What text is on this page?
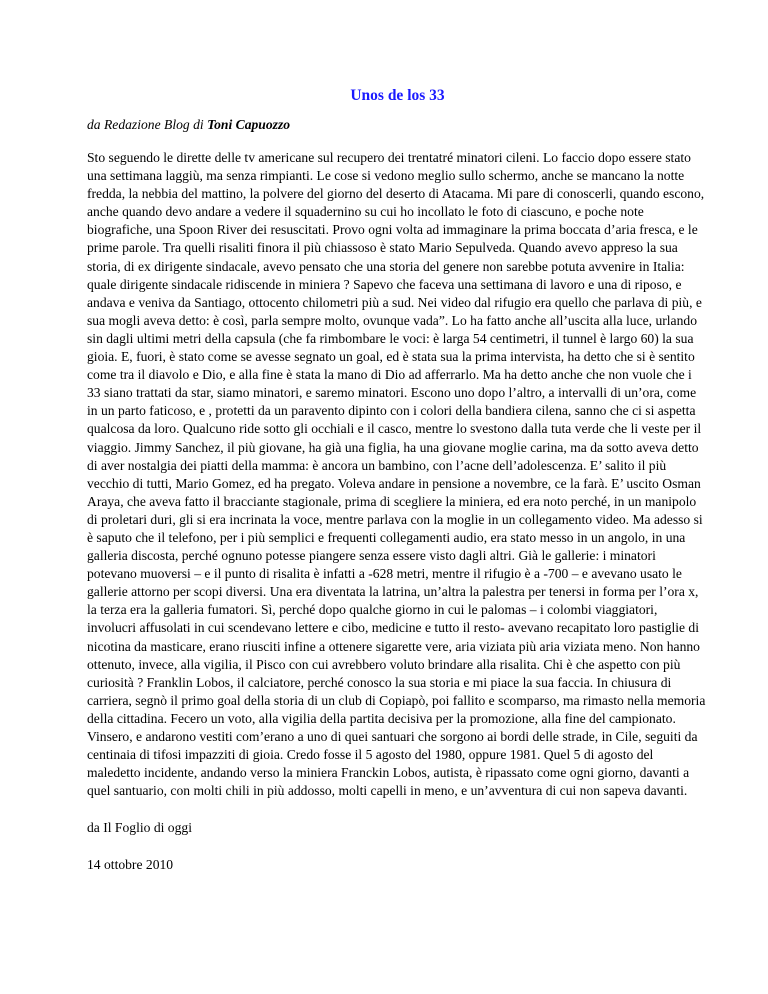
Unos de los 33
da Redazione Blog di Toni Capuozzo

Sto seguendo le dirette delle tv americane sul recupero dei trentatré minatori cileni. Lo faccio dopo essere stato una settimana laggiù, ma senza rimpianti. Le cose si vedono meglio sullo schermo, anche se mancano la notte fredda, la nebbia del mattino, la polvere del giorno del deserto di Atacama. Mi pare di conoscerli, quando escono, anche quando devo andare a vedere il squadernino su cui ho incollato le foto di ciascuno, e poche note biografiche, una Spoon River dei resuscitati. Provo ogni volta ad immaginare la prima boccata d’aria fresca, e le prime parole. Tra quelli risaliti finora il più chiassoso è stato Mario Sepulveda. Quando avevo appreso la sua storia, di ex dirigente sindacale, avevo pensato che una storia del genere non sarebbe potuta avvenire in Italia: quale dirigente sindacale ridiscende in miniera ? Sapevo che faceva una settimana di lavoro e una di riposo, e andava e veniva da Santiago, ottocento chilometri più a sud. Nei video dal rifugio era quello che parlava di più, e sua mogli aveva detto: è così, parla sempre molto, ovunque vada”. Lo ha fatto anche all’uscita alla luce, urlando sin dagli ultimi metri della capsula (che fa rimbombare le voci: è larga 54 centimetri, il tunnel è largo 60) la sua gioia. E, fuori, è stato come se avesse segnato un goal, ed è stata sua la prima intervista, ha detto che si è sentito come tra il diavolo e Dio, e alla fine è stata la mano di Dio ad afferrarlo. Ma ha detto anche che non vuole che i 33 siano trattati da star, siamo minatori, e saremo minatori. Escono uno dopo l’altro, a intervalli di un’ora, come in un parto faticoso, e , protetti da un paravento dipinto con i colori della bandiera cilena, sanno che ci si aspetta qualcosa da loro. Qualcuno ride sotto gli occhiali e il casco, mentre lo svestono dalla tuta verde che li veste per il viaggio. Jimmy Sanchez, il più giovane, ha già una figlia, ha una giovane moglie carina, ma da sotto aveva detto di aver nostalgia dei piatti della mamma: è ancora un bambino, con l’acne dell’adolescenza. E’ salito il più vecchio di tutti, Mario Gomez, ed ha pregato. Voleva andare in pensione a novembre, ce la farà. E’ uscito Osman Araya, che aveva fatto il bracciante stagionale, prima di scegliere la miniera, ed era noto perché, in un manipolo di proletari duri, gli si era incrinata la voce, mentre parlava con la moglie in un collegamento video. Ma adesso si è saputo che il telefono, per i più semplici e frequenti collegamenti audio, era stato messo in un angolo, in una galleria discosta, perché ognuno potesse piangere senza essere visto dagli altri. Già le gallerie: i minatori potevano muoversi – e il punto di risalita è infatti a -628 metri, mentre il rifugio è a -700 – e avevano usato le gallerie attorno per scopi diversi. Una era diventata la latrina, un’altra la palestra per tenersi in forma per l’ora x, la terza era la galleria fumatori. Sì, perché dopo qualche giorno in cui le palomas – i colombi viaggiatori, involucri affusolati in cui scendevano lettere e cibo, medicine e tutto il resto- avevano recapitato loro pastiglie di nicotina da masticare, erano riusciti infine a ottenere sigarette vere, aria viziata più aria viziata meno. Non hanno ottenuto, invece, alla vigilia, il Pisco con cui avrebbero voluto brindare alla risalita. Chi è che aspetto con più curiosità ? Franklin Lobos, il calciatore, perché conosco la sua storia e mi piace la sua faccia. In chiusura di carriera, segnò il primo goal della storia di un club di Copiapò, poi fallito e scomparso, ma rimasto nella memoria della cittadina. Fecero un voto, alla vigilia della partita decisiva per la promozione, alla fine del campionato. Vinsero, e andarono vestiti com’erano a uno di quei santuari che sorgono ai bordi delle strade, in Cile, seguiti da centinaia di tifosi impazziti di gioia. Credo fosse il 5 agosto del 1980, oppure 1981. Quel 5 di agosto del maledetto incidente, andando verso la miniera Franckin Lobos, autista, è ripassato come ogni giorno, davanti a quel santuario, con molti chili in più addosso, molti capelli in meno, e un’avventura di cui non sapeva davanti.

da Il Foglio di oggi

14 ottobre 2010
